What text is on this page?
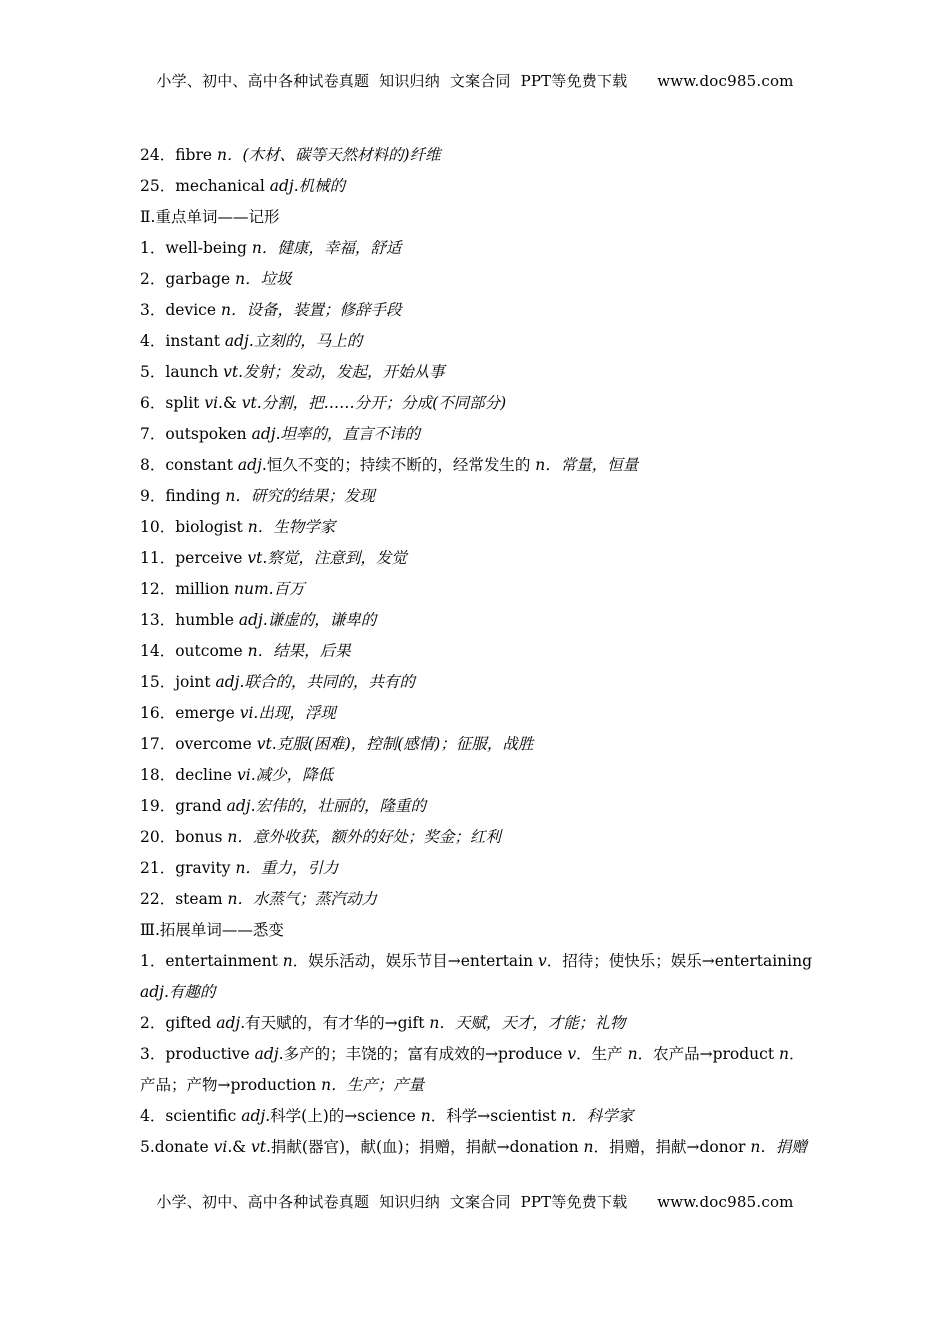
小学、初中、高中各种试卷真题  知识归纳  文案合同  PPT等免费下载      www.doc985.com
24．fibre n．(木材、碳等天然材料的)纤维
25．mechanical adj.机械的
Ⅱ.重点单词——记形
1．well-being n．健康，幸福，舒适
2．garbage n．垃圾
3．device n．设备，装置；修辞手段
4．instant adj.立刻的，马上的
5．launch vt.发射；发动，发起，开始从事
6．split vi.& vt.分割，把……分开；分成(不同部分)
7．outspoken adj.坦率的，直言不讳的
8．constant adj.恒久不变的；持续不断的，经常发生的 n．常量，恒量
9．finding n．研究的结果；发现
10．biologist n．生物学家
11．perceive vt.察觉，注意到，发觉
12．million num.百万
13．humble adj.谦虚的，谦卑的
14．outcome n．结果，后果
15．joint adj.联合的，共同的，共有的
16．emerge vi.出现，浮现
17．overcome vt.克服(困难)，控制(感情)；征服，战胜
18．decline vi.减少，降低
19．grand adj.宏伟的，壮丽的，隆重的
20．bonus n．意外收获，额外的好处；奖金；红利
21．gravity n．重力，引力
22．steam n．水蒸气；蒸汽动力
Ⅲ.拓展单词——悉变
1．entertainment n．娱乐活动，娱乐节目→entertain v．招待；使快乐；娱乐→entertaining adj.有趣的
2．gifted adj.有天赋的，有才华的→gift n．天赋，天才，才能；礼物
3．productive adj.多产的；丰饶的；富有成效的→produce v．生产 n．农产品→product n．产品；产物→production n．生产；产量
4．scientific adj.科学(上)的→science n．科学→scientist n．科学家
5.donate vi.& vt.捐献(器官)，献(血)；捐赠，捐献→donation n．捐赠，捐献→donor n．捐赠
小学、初中、高中各种试卷真题  知识归纳  文案合同  PPT等免费下载      www.doc985.com
